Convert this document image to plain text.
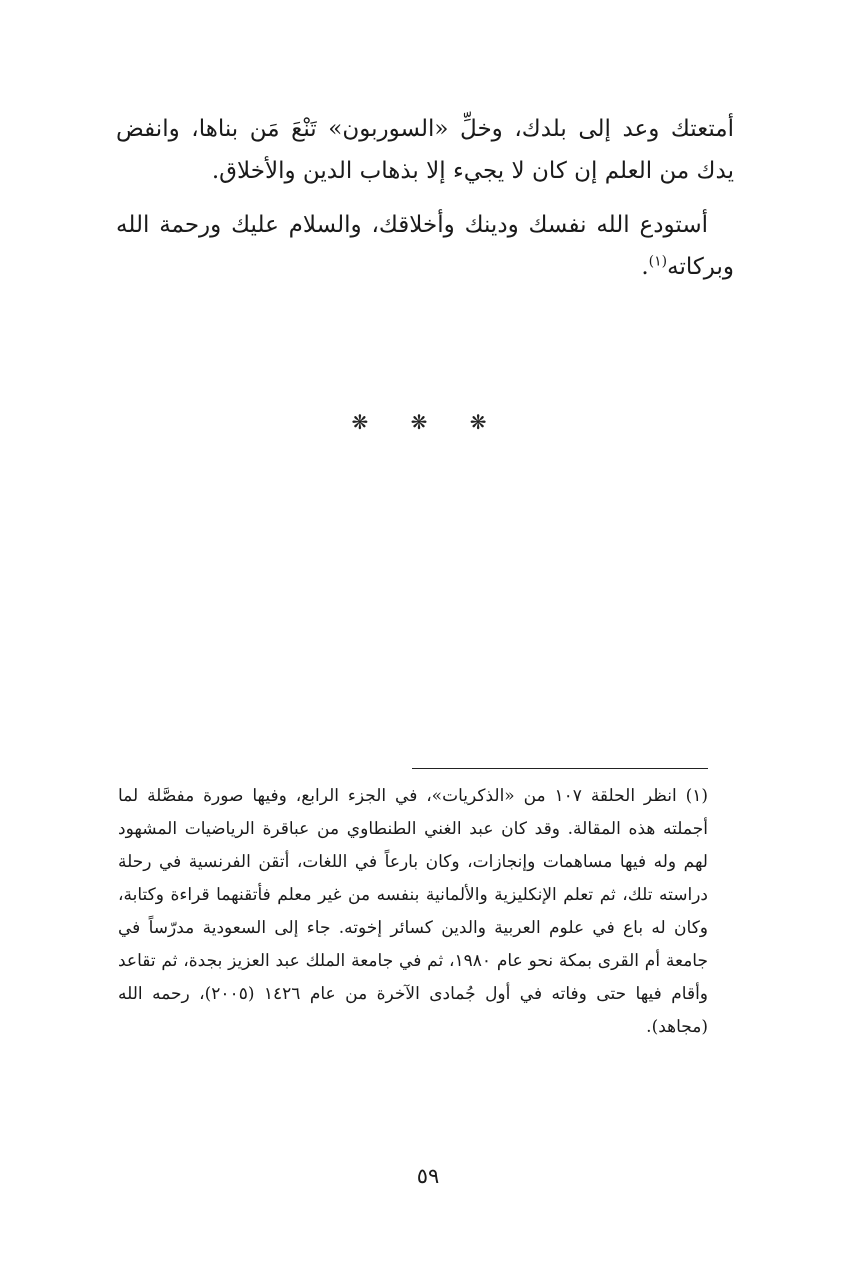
أمتعتك وعد إلى بلدك، وخلِّ «السوربون» تَنْعَ مَن بناها، وانفض يدك من العلم إن كان لا يجيء إلا بذهاب الدين والأخلاق.

أستودع الله نفسك ودينك وأخلاقك، والسلام عليك ورحمة الله وبركاته$^{(١)}$.

❋ ❋ ❋
(١) انظر الحلقة ١٠٧ من «الذكريات»، في الجزء الرابع، وفيها صورة مفصَّلة لما أجملته هذه المقالة. وقد كان عبد الغني الطنطاوي من عباقرة الرياضيات المشهود لهم وله فيها مساهمات وإنجازات، وكان بارعاً في اللغات، أتقن الفرنسية في رحلة دراسته تلك، ثم تعلم الإنكليزية والألمانية بنفسه من غير معلم فأتقنهما قراءة وكتابة، وكان له باع في علوم العربية والدين كسائر إخوته. جاء إلى السعودية مدرّساً في جامعة أم القرى بمكة نحو عام ١٩٨٠، ثم في جامعة الملك عبد العزيز بجدة، ثم تقاعد وأقام فيها حتى وفاته في أول جُمادى الآخرة من عام ١٤٢٦ (٢٠٠٥)، رحمه الله (مجاهد).
٥٩
